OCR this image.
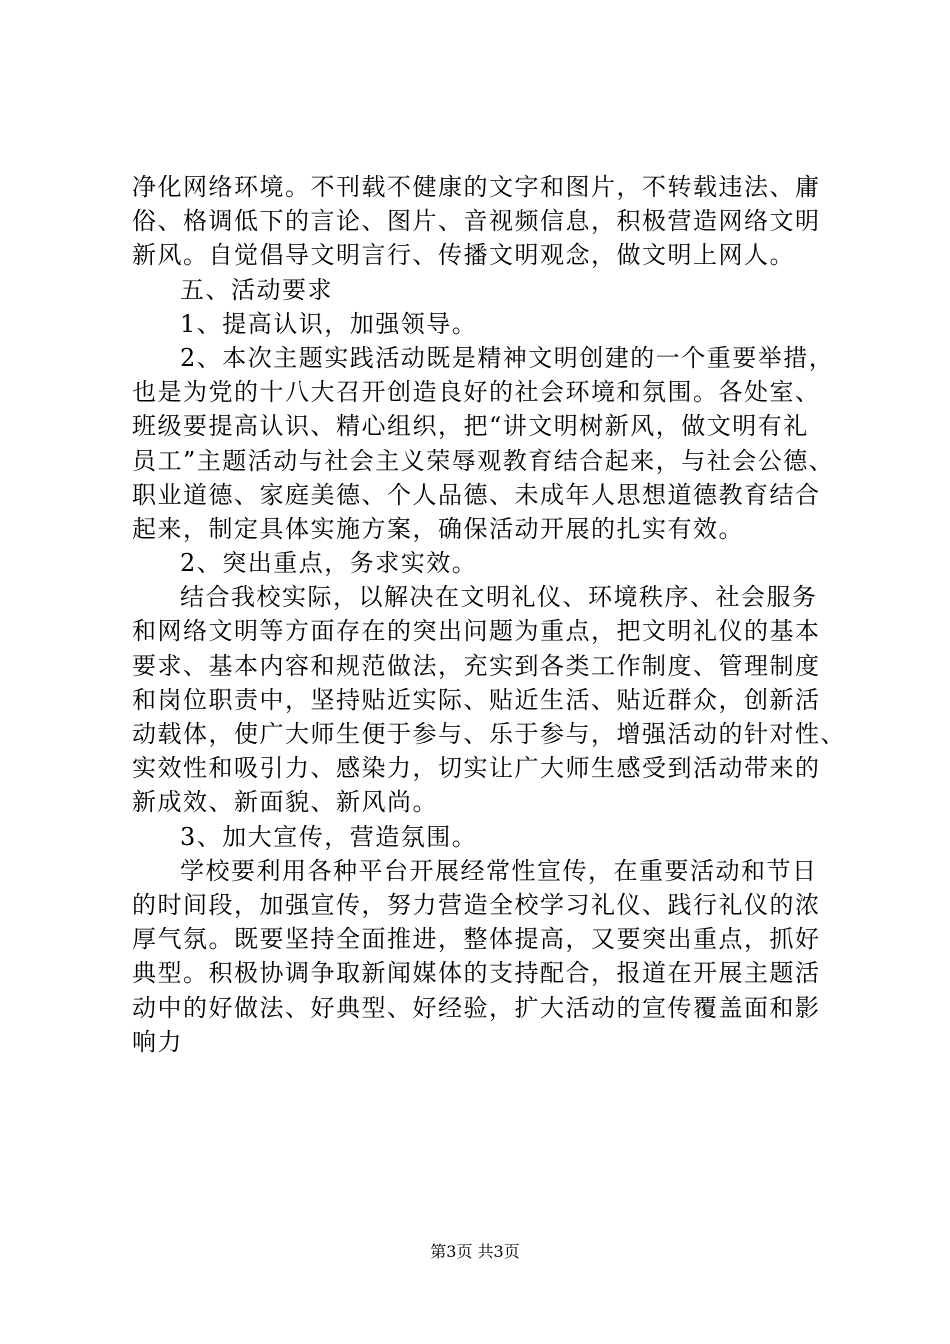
净化网络环境。不刊载不健康的文字和图片，不转载违法、庸
俗、格调低下的言论、图片、音视频信息，积极营造网络文明
新风。自觉倡导文明言行、传播文明观念，做文明上网人。
五、活动要求
1、提高认识，加强领导。
2、本次主题实践活动既是精神文明创建的一个重要举措，
也是为党的十八大召开创造良好的社会环境和氛围。各处室、
班级要提高认识、精心组织，把“讲文明树新风，做文明有礼
员工”主题活动与社会主义荣辱观教育结合起来，与社会公德、
职业道德、家庭美德、个人品德、未成年人思想道德教育结合
起来，制定具体实施方案，确保活动开展的扎实有效。
2、突出重点，务求实效。
结合我校实际，以解决在文明礼仪、环境秩序、社会服务
和网络文明等方面存在的突出问题为重点，把文明礼仪的基本
要求、基本内容和规范做法，充实到各类工作制度、管理制度
和岗位职责中，坚持贴近实际、贴近生活、贴近群众，创新活
动载体，使广大师生便于参与、乐于参与，增强活动的针对性、
实效性和吸引力、感染力，切实让广大师生感受到活动带来的
新成效、新面貌、新风尚。
3、加大宣传，营造氛围。
学校要利用各种平台开展经常性宣传，在重要活动和节日
的时间段，加强宣传，努力营造全校学习礼仪、践行礼仪的浓
厚气氛。既要坚持全面推进，整体提高，又要突出重点，抓好
典型。积极协调争取新闻媒体的支持配合，报道在开展主题活
动中的好做法、好典型、好经验，扩大活动的宣传覆盖面和影
响力
第3页 共3页
